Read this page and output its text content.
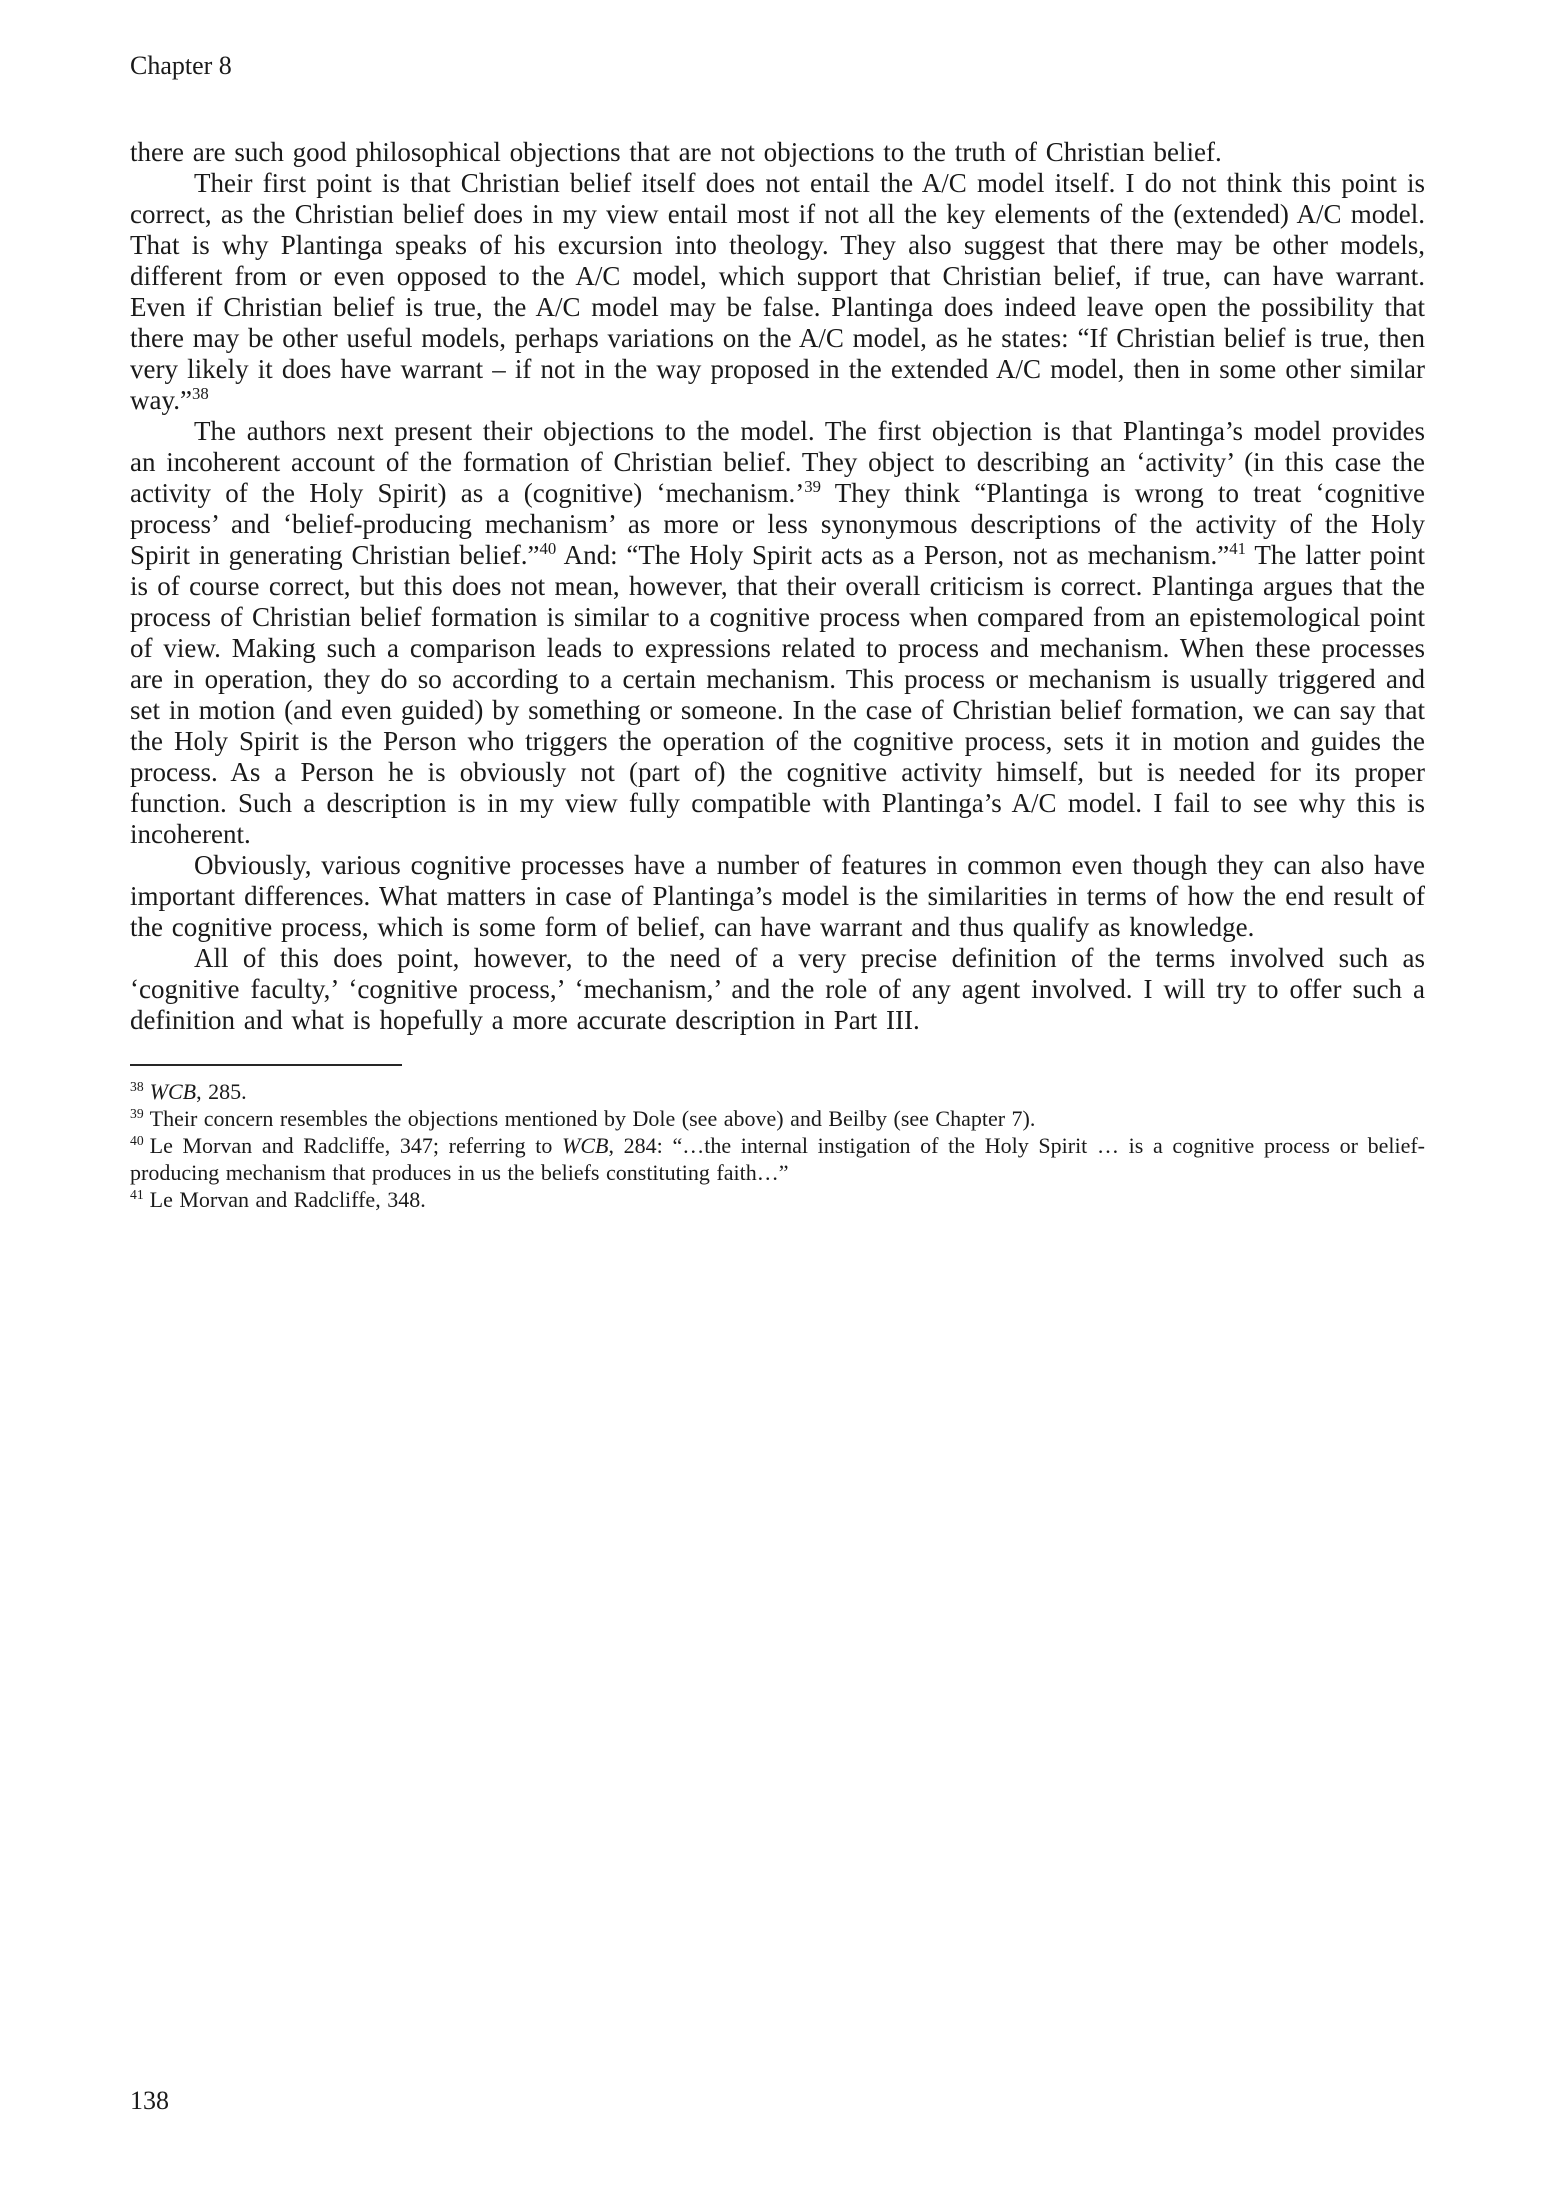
Chapter 8

there are such good philosophical objections that are not objections to the truth of Christian belief.

Their first point is that Christian belief itself does not entail the A/C model itself. I do not think this point is correct, as the Christian belief does in my view entail most if not all the key elements of the (extended) A/C model. That is why Plantinga speaks of his excursion into theology. They also suggest that there may be other models, different from or even opposed to the A/C model, which support that Christian belief, if true, can have warrant. Even if Christian belief is true, the A/C model may be false. Plantinga does indeed leave open the possibility that there may be other useful models, perhaps variations on the A/C model, as he states: “If Christian belief is true, then very likely it does have warrant – if not in the way proposed in the extended A/C model, then in some other similar way.”$^{38}$

The authors next present their objections to the model. The first objection is that Plantinga’s model provides an incoherent account of the formation of Christian belief. They object to describing an ‘activity’ (in this case the activity of the Holy Spirit) as a (cognitive) ‘mechanism.’$^{39}$ They think “Plantinga is wrong to treat ‘cognitive process’ and ‘belief-producing mechanism’ as more or less synonymous descriptions of the activity of the Holy Spirit in generating Christian belief.”$^{40}$ And: “The Holy Spirit acts as a Person, not as mechanism.”$^{41}$ The latter point is of course correct, but this does not mean, however, that their overall criticism is correct. Plantinga argues that the process of Christian belief formation is similar to a cognitive process when compared from an epistemological point of view. Making such a comparison leads to expressions related to process and mechanism. When these processes are in operation, they do so according to a certain mechanism. This process or mechanism is usually triggered and set in motion (and even guided) by something or someone. In the case of Christian belief formation, we can say that the Holy Spirit is the Person who triggers the operation of the cognitive process, sets it in motion and guides the process. As a Person he is obviously not (part of) the cognitive activity himself, but is needed for its proper function. Such a description is in my view fully compatible with Plantinga’s A/C model. I fail to see why this is incoherent.

Obviously, various cognitive processes have a number of features in common even though they can also have important differences. What matters in case of Plantinga’s model is the similarities in terms of how the end result of the cognitive process, which is some form of belief, can have warrant and thus qualify as knowledge.

All of this does point, however, to the need of a very precise definition of the terms involved such as ‘cognitive faculty,’ ‘cognitive process,’ ‘mechanism,’ and the role of any agent involved. I will try to offer such a definition and what is hopefully a more accurate description in Part III.

$^{38}$ WCB, 285.

$^{39}$ Their concern resembles the objections mentioned by Dole (see above) and Beilby (see Chapter 7).

$^{40}$ Le Morvan and Radcliffe, 347; referring to WCB, 284: “…the internal instigation of the Holy Spirit … is a cognitive process or belief-producing mechanism that produces in us the beliefs constituting faith…”

$^{41}$ Le Morvan and Radcliffe, 348.

138
